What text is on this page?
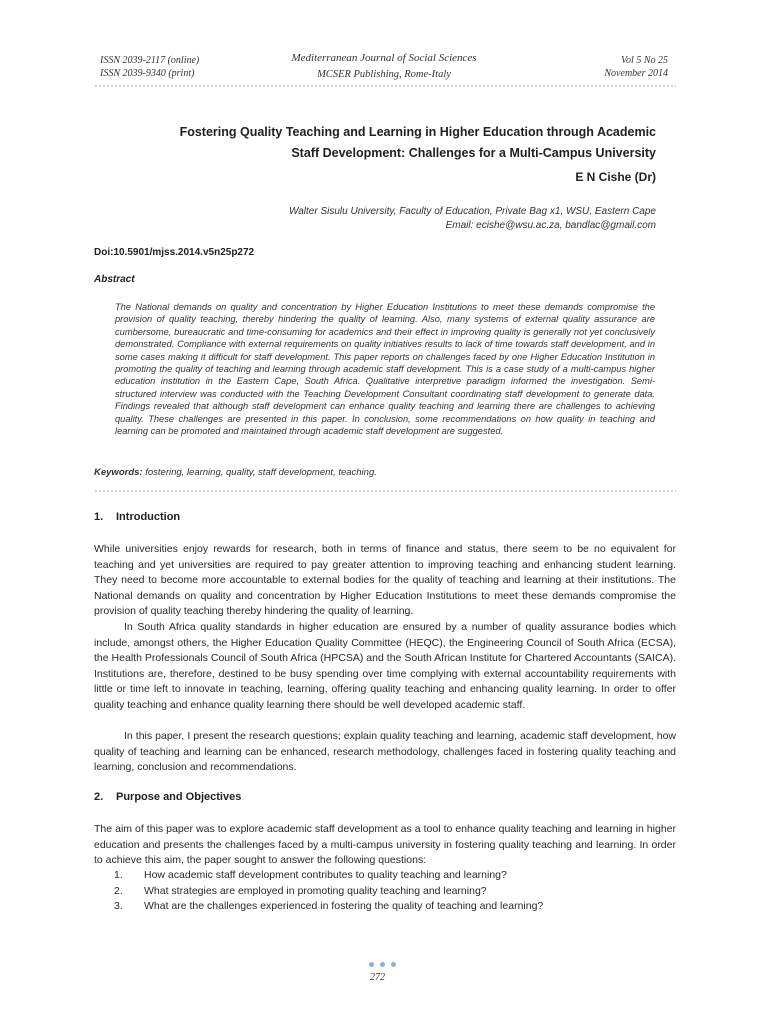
ISSN 2039-2117 (online)
ISSN 2039-9340 (print)
Mediterranean Journal of Social Sciences
MCSER Publishing, Rome-Italy
Vol 5 No 25
November 2014
Fostering Quality Teaching and Learning in Higher Education through Academic
Staff Development: Challenges for a Multi-Campus University
E N Cishe (Dr)
Walter Sisulu University, Faculty of Education, Private Bag x1, WSU, Eastern Cape
Email: ecishe@wsu.ac.za, bandlac@gmail.com
Doi:10.5901/mjss.2014.v5n25p272
Abstract
The National demands on quality and concentration by Higher Education Institutions to meet these demands compromise the provision of quality teaching, thereby hindering the quality of learning. Also, many systems of external quality assurance are cumbersome, bureaucratic and time-consuming for academics and their effect in improving quality is generally not yet conclusively demonstrated. Compliance with external requirements on quality initiatives results to lack of time towards staff development, and in some cases making it difficult for staff development. This paper reports on challenges faced by one Higher Education Institution in promoting the quality of teaching and learning through academic staff development. This is a case study of a multi-campus higher education institution in the Eastern Cape, South Africa. Qualitative interpretive paradigm informed the investigation. Semi-structured interview was conducted with the Teaching Development Consultant coordinating staff development to generate data. Findings revealed that although staff development can enhance quality teaching and learning there are challenges to achieving quality. These challenges are presented in this paper. In conclusion, some recommendations on how quality in teaching and learning can be promoted and maintained through academic staff development are suggested.
Keywords: fostering, learning, quality, staff development, teaching.
1. Introduction

While universities enjoy rewards for research, both in terms of finance and status, there seem to be no equivalent for teaching and yet universities are required to pay greater attention to improving teaching and enhancing student learning. They need to become more accountable to external bodies for the quality of teaching and learning at their institutions. The National demands on quality and concentration by Higher Education Institutions to meet these demands compromise the provision of quality teaching thereby hindering the quality of learning.

In South Africa quality standards in higher education are ensured by a number of quality assurance bodies which include, amongst others, the Higher Education Quality Committee (HEQC), the Engineering Council of South Africa (ECSA), the Health Professionals Council of South Africa (HPCSA) and the South African Institute for Chartered Accountants (SAICA). Institutions are, therefore, destined to be busy spending over time complying with external accountability requirements with little or time left to innovate in teaching, learning, offering quality teaching and enhancing quality learning. In order to offer quality teaching and enhance quality learning there should be well developed academic staff.

In this paper, I present the research questions; explain quality teaching and learning, academic staff development, how quality of teaching and learning can be enhanced, research methodology, challenges faced in fostering quality teaching and learning, conclusion and recommendations.

2. Purpose and Objectives

The aim of this paper was to explore academic staff development as a tool to enhance quality teaching and learning in higher education and presents the challenges faced by a multi-campus university in fostering quality teaching and learning. In order to achieve this aim, the paper sought to answer the following questions:

1.	How academic staff development contributes to quality teaching and learning?
2.	What strategies are employed in promoting quality teaching and learning?
3.	What are the challenges experienced in fostering the quality of teaching and learning?
272
